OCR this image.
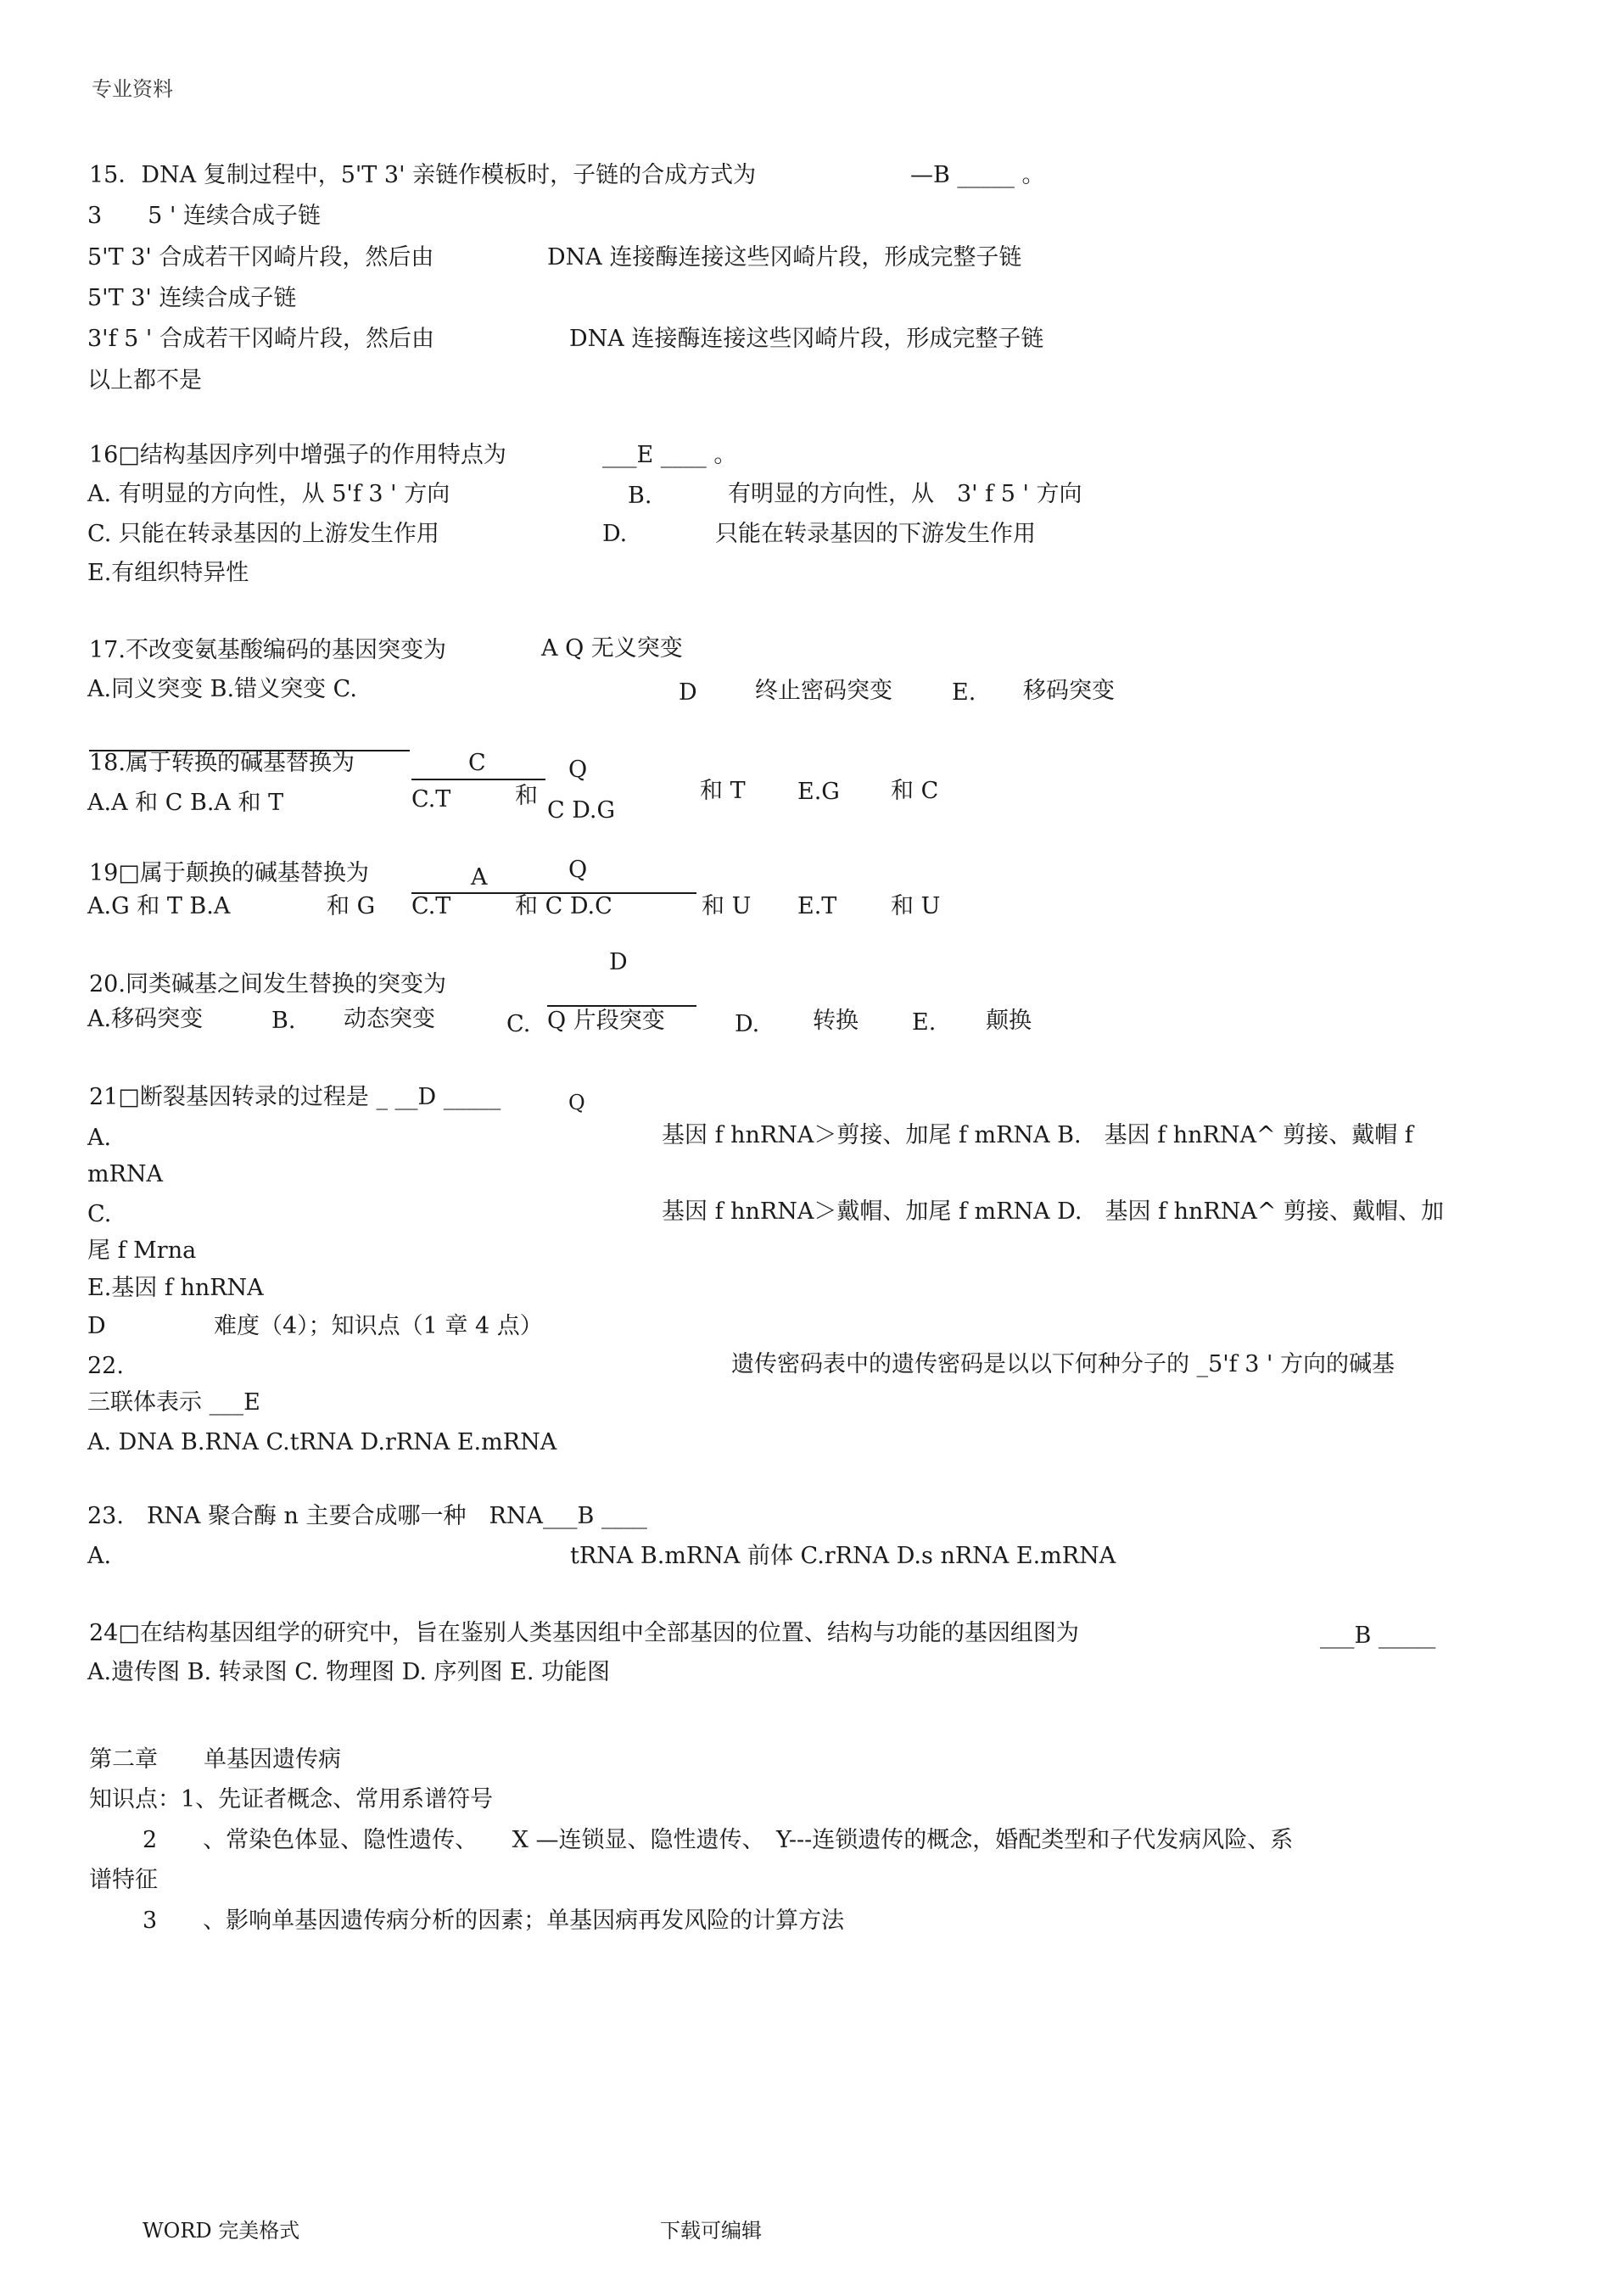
专业资料
15．DNA 复制过程中，5'T 3' 亲链作模板时，子链的合成方式为	—B _____ 。
3　　5 ' 连续合成子链
5'T 3' 合成若干冈崎片段，然后由	DNA 连接酶连接这些冈崎片段，形成完整子链
5'T 3' 连续合成子链
3'f 5 ' 合成若干冈崎片段，然后由	DNA 连接酶连接这些冈崎片段，形成完整子链
以上都不是
16□结构基因序列中增强子的作用特点为	___E ____ 。
A. 有明显的方向性，从 5'f 3 ' 方向	B.	有明显的方向性，从　3' f 5 ' 方向
C. 只能在转录基因的上游发生作用	D.	只能在转录基因的下游发生作用
E.有组织特异性
17.不改变氨基酸编码的基因突变为	A Q 无义突变
A.同义突变 B.错义突变 C.	D	终止密码突变	E. 移码突变
18.属于转换的碱基替换为	C	Q
A.A 和 C B.A 和 T	C.T	和
C D.G
和 T E.G 和 C
19□属于颠换的碱基替换为	A	Q
A.G 和 T B.A	和 G C.T	和 C D.C	和 U E.T 和 U
D
20.同类碱基之间发生替换的突变为
A.移码突变	B. 动态突变	C. Q 片段突变	D. 转换 E. 颠换
21□断裂基因转录的过程是 _ __D _____	Q
A.	基因 f hnRNA＞剪接、加尾 f mRNA B.　基因 f hnRNA^ 剪接、戴帽 f
mRNA
C.	基因 f hnRNA＞戴帽、加尾 f mRNA D.　基因 f hnRNA^ 剪接、戴帽、加
尾 f Mrna
E.基因 f hnRNA
D	难度（4）；知识点（1 章 4 点）
22.	遗传密码表中的遗传密码是以以下何种分子的 _5'f 3 ' 方向的碱基
三联体表示 ___E
A. DNA B.RNA C.tRNA D.rRNA E.mRNA
23.　RNA 聚合酶 n 主要合成哪一种　RNA___B ____
A.	tRNA B.mRNA 前体 C.rRNA D.s nRNA E.mRNA
24□在结构基因组学的研究中，旨在鉴别人类基因组中全部基因的位置、结构与功能的基因组图为	___B _____
A.遗传图 B. 转录图 C. 物理图 D. 序列图 E. 功能图
第二章　　单基因遗传病
知识点：1、先证者概念、常用系谱符号
2　　、常染色体显、隐性遗传、　　X —连锁显、隐性遗传、　Y---连锁遗传的概念，婚配类型和子代发病风险、系
谱特征
3　　、影响单基因遗传病分析的因素；单基因病再发风险的计算方法
WORD 完美格式	下载可编辑
